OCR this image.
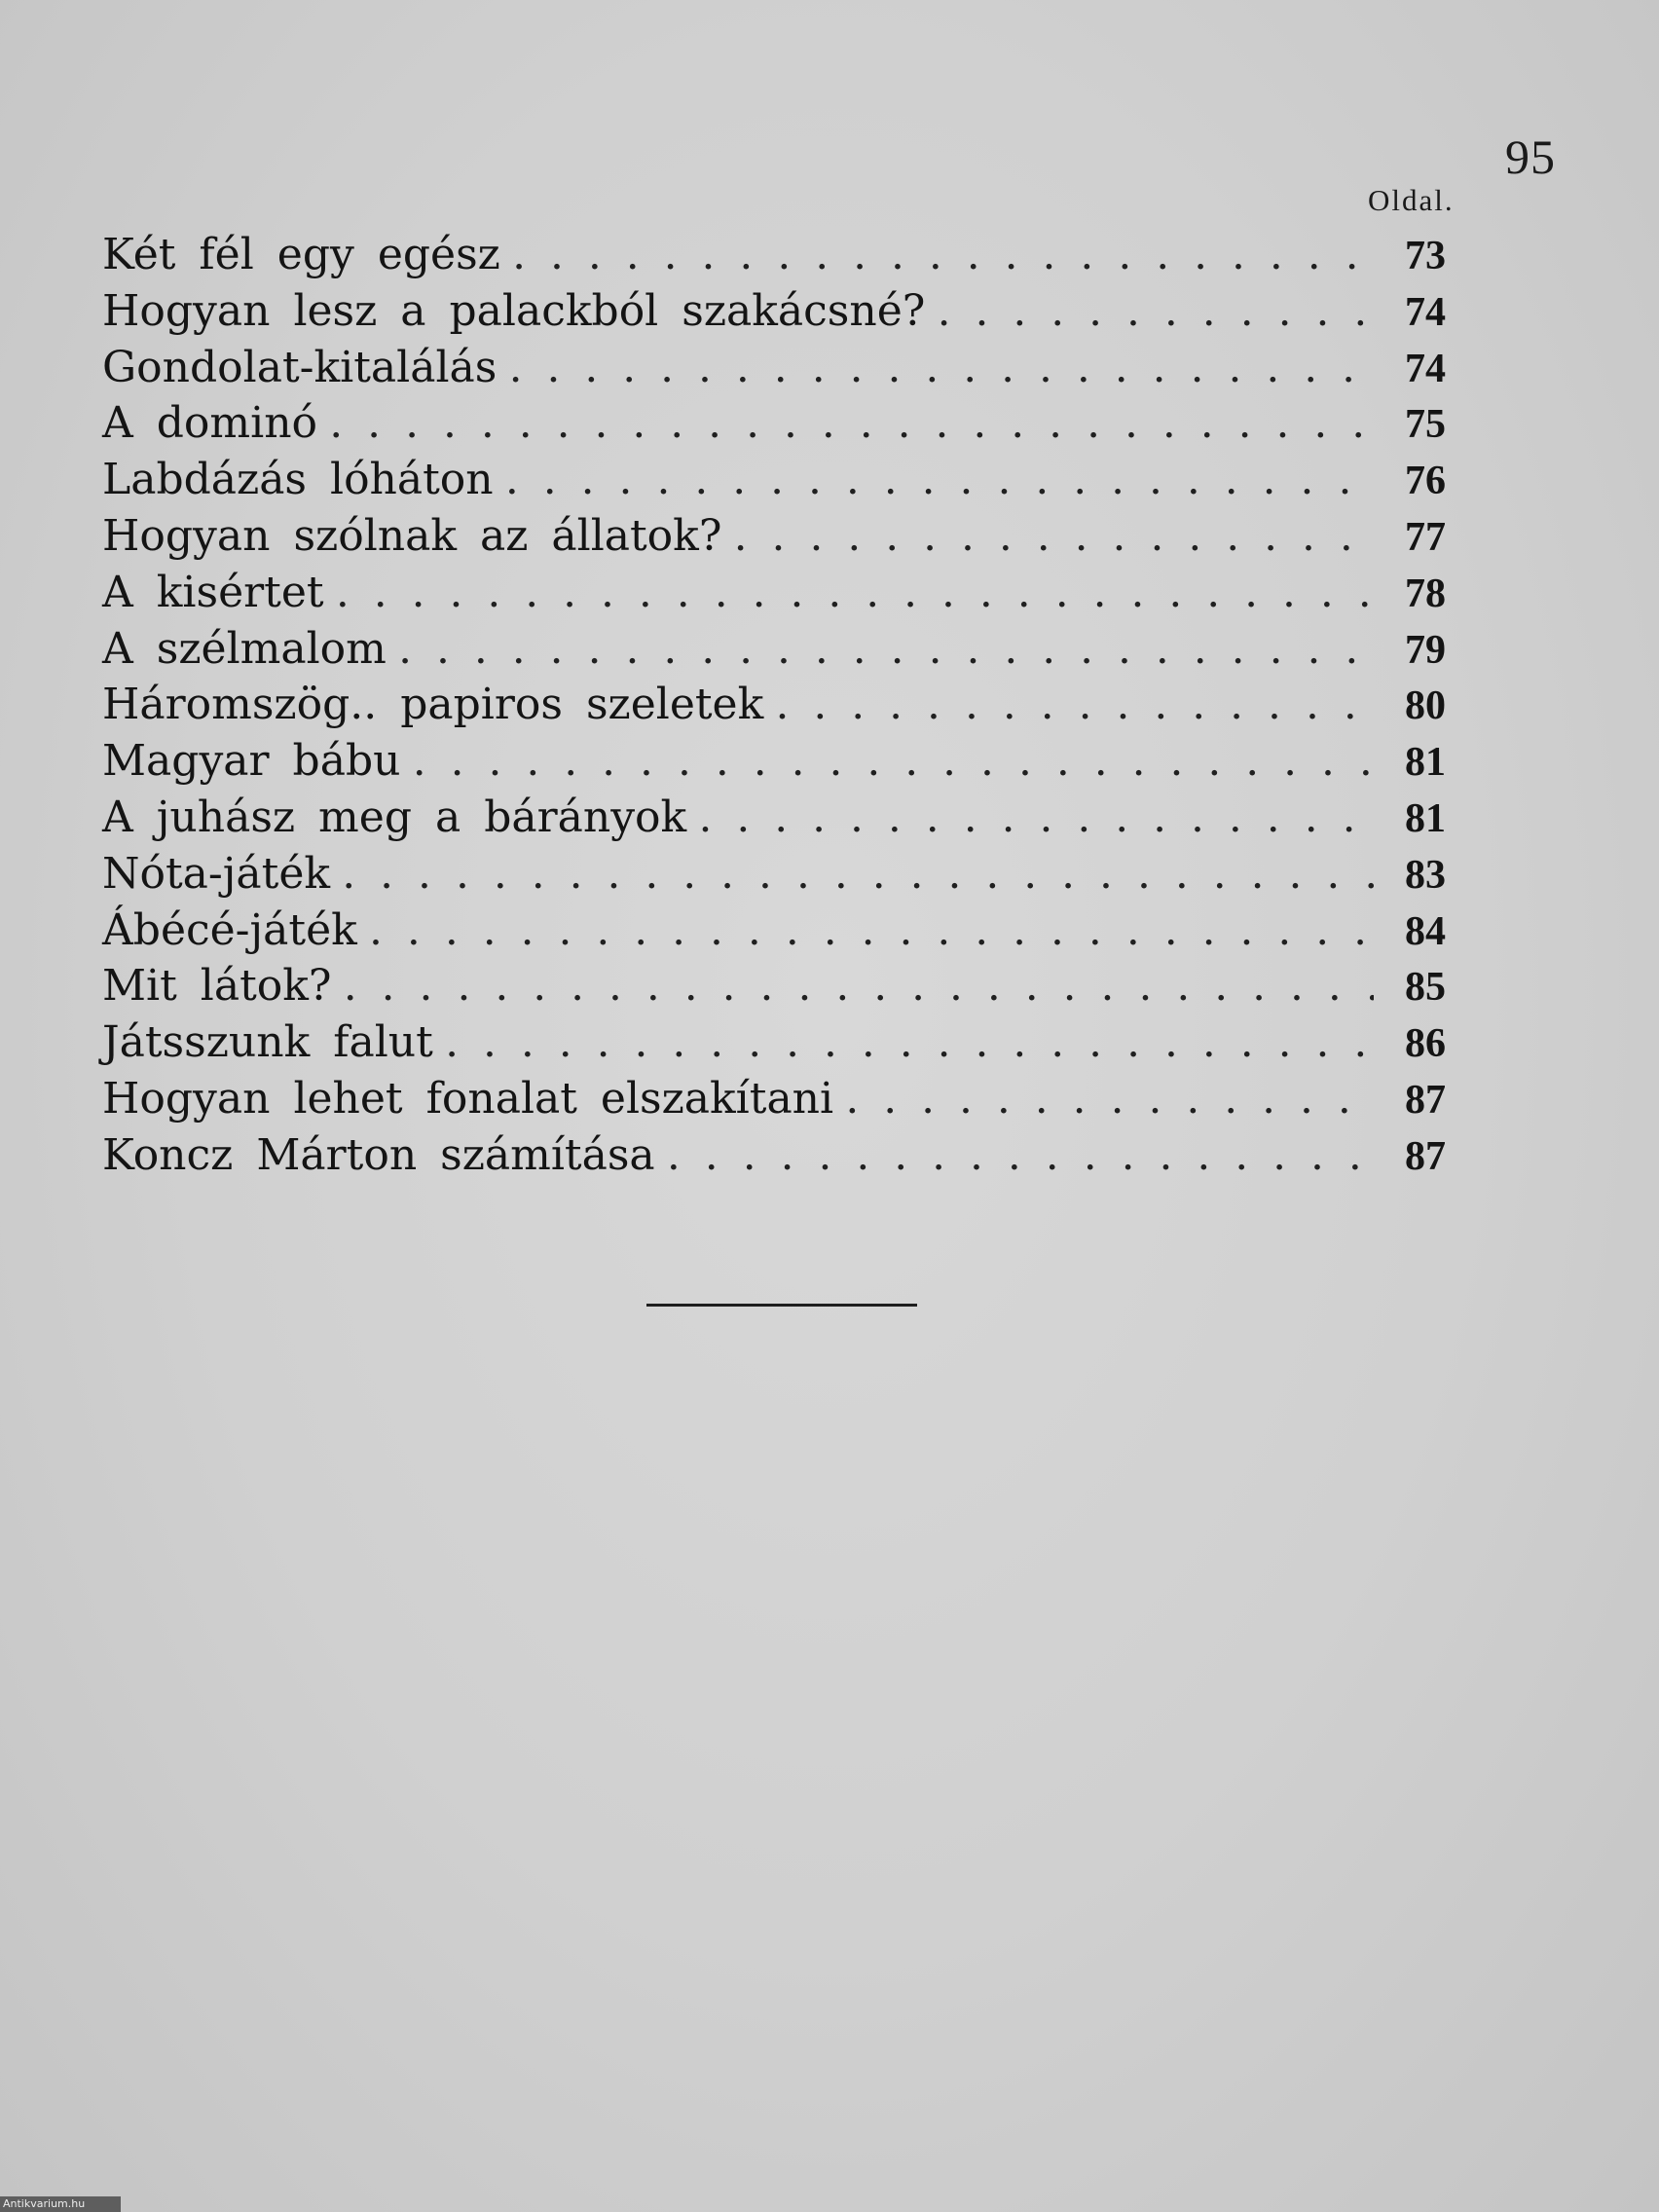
95
Oldal.
Két fél egy egész . . .	73
Hogyan lesz a palackból szakácsné? . . .	74
Gondolat-kitalálás . . .	74
A dominó . . .	75
Labdázás lóháton . . .	76
Hogyan szólnak az állatok? . . .	77
A kisértet . . .	78
A szélmalom . . .	79
Háromszög.. papiros szeletek . . .	80
Magyar bábu . . .	81
A juhász meg a bárányok . . .	81
Nóta-játék . . .	83
Ábécé-játék . . .	84
Mit látok? . . .	85
Játsszunk falut . . .	86
Hogyan lehet fonalat elszakítani . . .	87
Koncz Márton számítása . . .	87
Antikvarium.hu
